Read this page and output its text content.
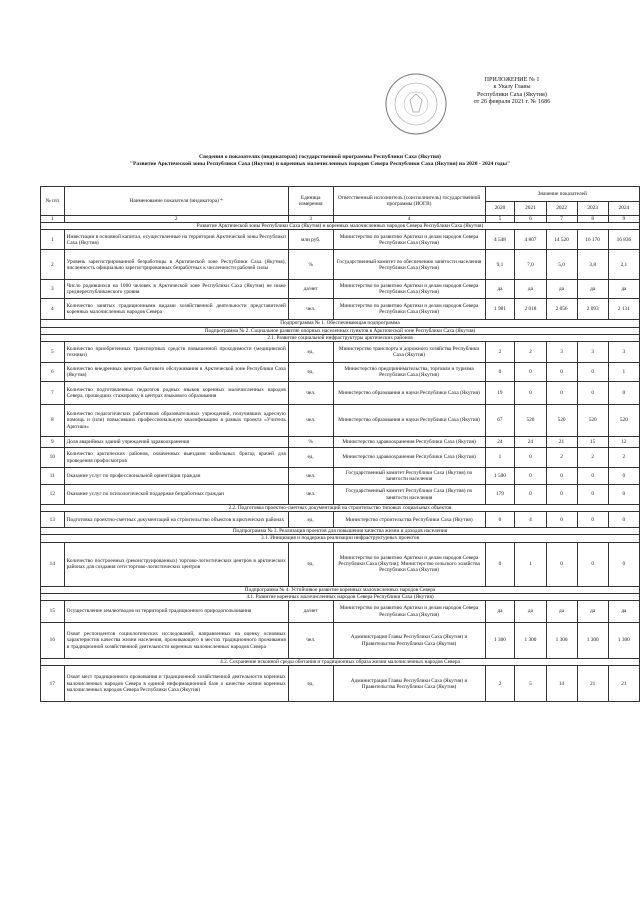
ПРИЛОЖЕНИЕ № 1
к Указу Главы
Республики Саха (Якутия)
от 26 февраля 2021 г. № 1686
Сведения о показателях (индикаторах) государственной программы Республики Саха (Якутия)
"Развитие Арктической зоны Республики Саха (Якутия) и коренных малочисленных народов Севера Республики Саха (Якутия) на 2020 - 2024 годы"
№ п/п	Наименование показателя (индикатора) *	Единица измерения	Ответственный исполнитель (соисполнитель) государственной программы (ИОГВ)	Значение показателей				
				2020	2021	2022	2023	2024
1	2	3	4	5	6	7	8	9
Развитие Арктической зоны Республики Саха (Якутия) и коренных малочисленных народов Севера Республики Саха (Якутия)								
1	Инвестиции в основной капитал, осуществленные на территории Арктической зоны Республики Саха (Якутия)	млн руб.	Министерство по развитию Арктики и делам народов Севера Республики Саха (Якутия)	4 548	4 807	14 520	16 170	16 836
2	Уровень зарегистрированной безработицы в Арктической зоне Республики Саха (Якутия), численность официально зарегистрированных безработных к численности рабочей силы	%	Государственный комитет по обеспечению занятости населения Республики Саха (Якутия)	9,1	7,0	5,0	3,8	2,1
3	Число родившихся на 1000 человек в Арктической зоне Республики Саха (Якутия) не ниже среднереспубликанского уровня	да/нет	Министерство по развитию Арктики и делам народов Севера Республики Саха (Якутия)	да	да	да	да	да
4	Количество занятых традиционными видами хозяйственной деятельности представителей коренных малочисленных народов Севера	чел.	Министерство по развитию Арктики и делам народов Севера Республики Саха (Якутия)	1 981	2 018	2 056	2 093	2 131
Подпрограмма № 1. Обеспечивающая подпрограмма								
Подпрограмма № 2. Социальное развитие опорных населенных пунктов в Арктической зоне Республики Саха (Якутия)								
2.1. Развитие социальной инфраструктуры арктических районов								
5	Количество приобретенных транспортных средств повышенной проходимости (медицинской техники)	ед.	Министерство транспорта и дорожного хозяйства Республики Саха (Якутия)	2	2	3	3	3
6	Количество внедренных центров бытового обслуживания в Арктической зоне Республики Саха (Якутия)	ед.	Министерство предпринимательства, торговли и туризма Республики Саха (Якутия)	0	0	0	0	1
7	Количество подготовленных педагогов родных языков коренных малочисленных народов Севера, прошедших стажировку в центрах языкового образования	чел.	Министерство образования и науки Республики Саха (Якутия)	19	0	0	0	0
8	Количество педагогических работников образовательных учреждений, получивших адресную помощь и (или) повысивших профессиональную квалификацию в рамках проекта «Учитель Арктики»	чел.	Министерство образования и науки Республики Саха (Якутия)	67	520	520	520	520
9	Доля аварийных зданий учреждений здравоохранения	%	Министерство здравоохранения Республики Саха (Якутия)	24	24	21	15	12
10	Количество арктических районов, охваченных выездами мобильных бригад врачей для проведения профосмотров	ед.	Министерство здравоохранения Республики Саха (Якутия)	1	0	2	2	2
11	Оказание услуг по профессиональной ориентации граждан	чел.	Государственный комитет Республики Саха (Якутия) по занятости населения	1 500	0	0	0	0
12	Оказание услуг по психологической поддержке безработных граждан	чел.	Государственный комитет Республики Саха (Якутия) по занятости населения	179	0	0	0	0
2.2. Подготовка проектно-сметных документаций на строительство типовых социальных объектов								
13	Подготовка проектно-сметных документаций на строительство объектов в арктических районах	ед.	Министерство строительства Республики Саха (Якутия)	0	4	0	0	0
Подпрограмма № 3. Реализация проектов для повышения качества жизни и доходов населения								
3.1. Инициация и поддержка реализации инфраструктурных проектов								
14	Количество построенных (реконструированных) торгово-логистических центров в арктических районах для создания сети торгово-логистических центров	ед.	Министерство по развитию Арктики и делам народов Севера Республики Саха (Якутия); Министерство сельского хозяйства Республики Саха (Якутия)	0	1	0	0	0
Подпрограмма № 4. Устойчивое развитие коренных малочисленных народов Севера								
4.1. Развитие коренных малочисленных народов Севера Республики Саха (Якутия)								
15	Осуществление землеотводов из территорий традиционного природопользования	да/нет	Министерство по развитию Арктики и делам народов Севера Республики Саха (Якутия)	да	да	да	да	да
16	Охват респондентов социологических исследований, направленных на оценку основных характеристик качества жизни населения, проживающего в местах традиционного проживания и традиционной хозяйственной деятельности коренных малочисленных народов Севера	чел.	Администрация Главы Республики Саха (Якутия) и Правительства Республики Саха (Якутия)	1 300	1 300	1 300	1 300	1 300
4.2. Сохранение исконной среды обитания и традиционных образа жизни малочисленных народов Севера								
17	Охват мест традиционного проживания и традиционной хозяйственной деятельности коренных малочисленных народов Севера в единой информационной базе о качестве жизни коренных малочисленных народов Севера Республики Саха (Якутия)	ед.	Администрация Главы Республики Саха (Якутия) и Правительства Республики Саха (Якутия)	2	5	14	21	21
